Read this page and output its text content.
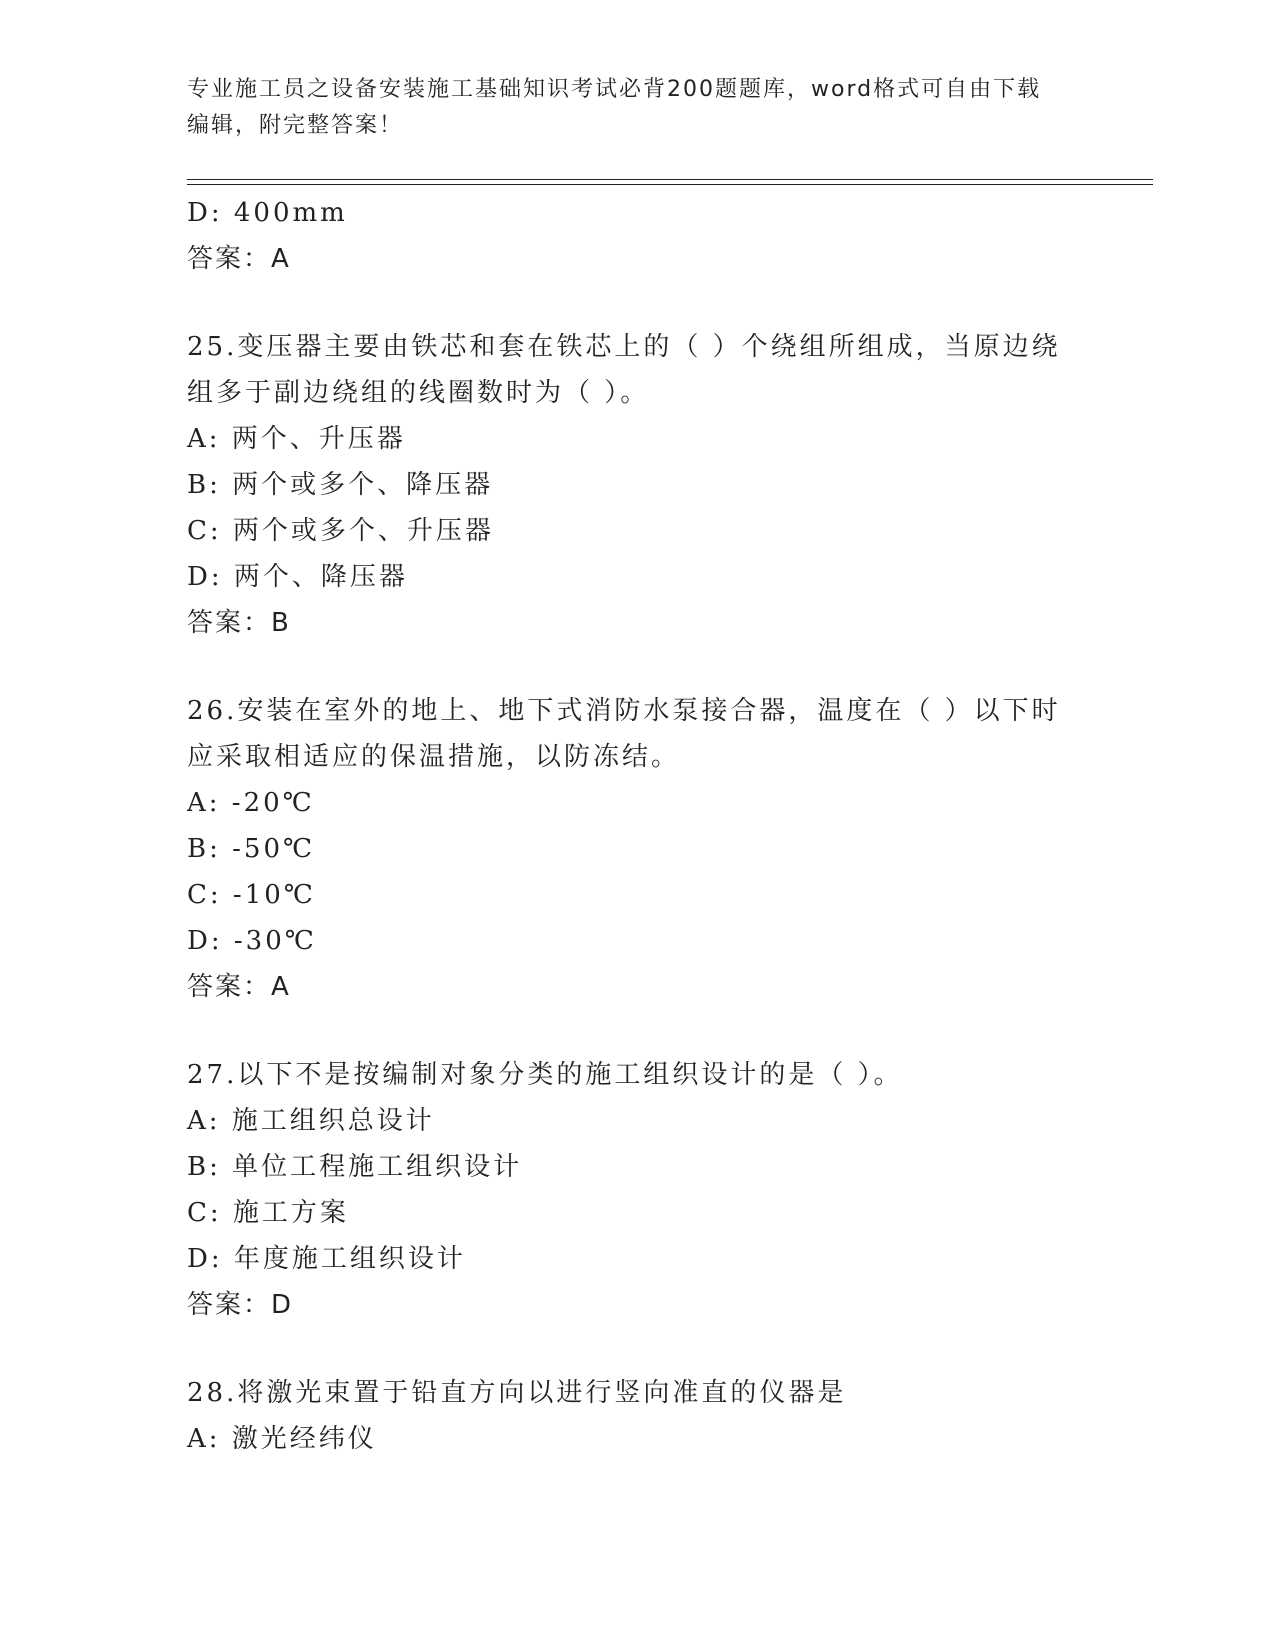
专业施工员之设备安装施工基础知识考试必背200题题库，word格式可自由下载
编辑，附完整答案！
D: 400mm
答案：A
25.变压器主要由铁芯和套在铁芯上的（ ）个绕组所组成，当原边绕
组多于副边绕组的线圈数时为（ ）。
A: 两个、升压器
B: 两个或多个、降压器
C: 两个或多个、升压器
D: 两个、降压器
答案：B
26.安装在室外的地上、地下式消防水泵接合器，温度在（ ）以下时
应采取相适应的保温措施，以防冻结。
A: -20℃
B: -50℃
C: -10℃
D: -30℃
答案：A
27.以下不是按编制对象分类的施工组织设计的是（ ）。
A: 施工组织总设计
B: 单位工程施工组织设计
C: 施工方案
D: 年度施工组织设计
答案：D
28.将激光束置于铅直方向以进行竖向准直的仪器是
A: 激光经纬仪
